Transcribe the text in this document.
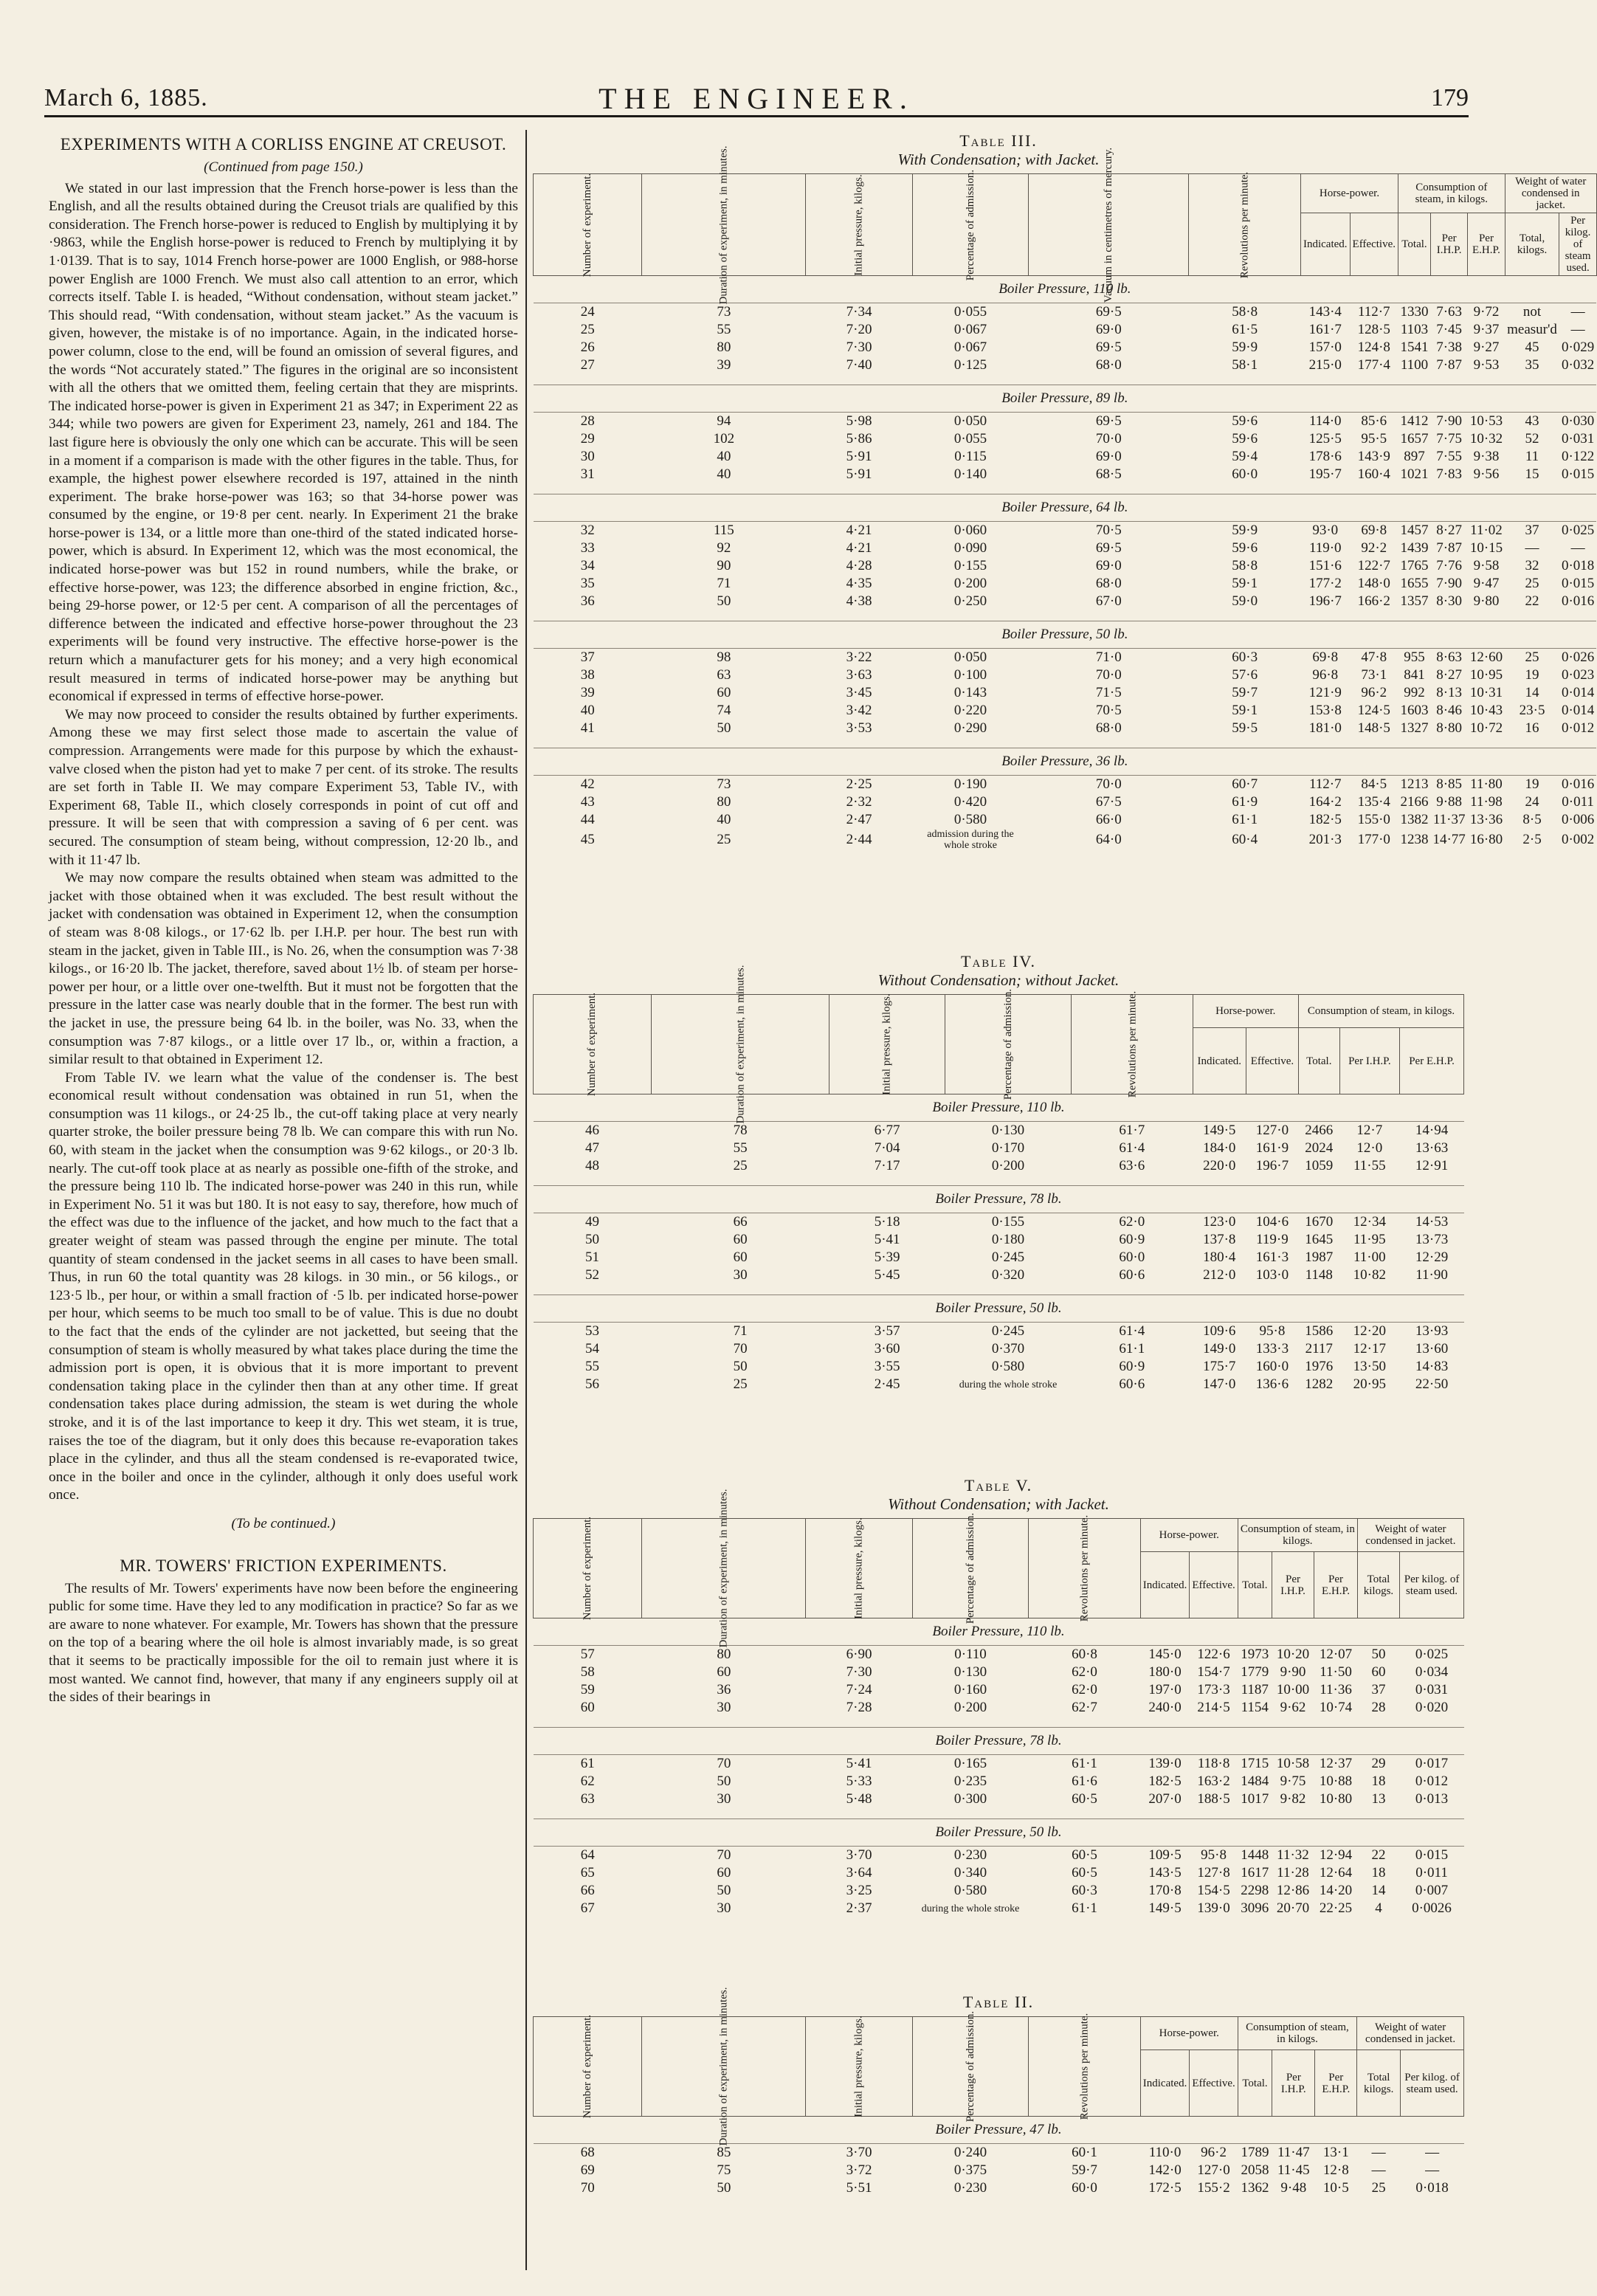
March 6, 1885.	THE ENGINEER.	179
EXPERIMENTS WITH A CORLISS ENGINE AT CREUSOT.
(Continued from page 150.)

We stated in our last impression that the French horse-power is less than the English, and all the results obtained during the Creusot trials are qualified by this consideration. The French horse-power is reduced to English by multiplying it by ·9863, while the English horse-power is reduced to French by multiplying it by 1·0139. That is to say, 1014 French horse-power are 1000 English, or 988-horse power English are 1000 French. We must also call attention to an error, which corrects itself. Table I. is headed, “Without condensation, without steam jacket.” This should read, “With condensation, without steam jacket.” As the vacuum is given, however, the mistake is of no importance. Again, in the indicated horse-power column, close to the end, will be found an omission of several figures, and the words “Not accurately stated.” The figures in the original are so inconsistent with all the others that we omitted them, feeling certain that they are misprints. The indicated horse-power is given in Experiment 21 as 347; in Experiment 22 as 344; while two powers are given for Experiment 23, namely, 261 and 184. The last figure here is obviously the only one which can be accurate. This will be seen in a moment if a comparison is made with the other figures in the table. Thus, for example, the highest power elsewhere recorded is 197, attained in the ninth experiment. The brake horse-power was 163; so that 34-horse power was consumed by the engine, or 19·8 per cent. nearly. In Experiment 21 the brake horse-power is 134, or a little more than one-third of the stated indicated horse-power, which is absurd. In Experiment 12, which was the most economical, the indicated horse-power was but 152 in round numbers, while the brake, or effective horse-power, was 123; the difference absorbed in engine friction, &c., being 29-horse power, or 12·5 per cent. A comparison of all the percentages of difference between the indicated and effective horse-power throughout the 23 experiments will be found very instructive. The effective horse-power is the return which a manufacturer gets for his money; and a very high economical result measured in terms of indicated horse-power may be anything but economical if expressed in terms of effective horse-power.

We may now proceed to consider the results obtained by further experiments. Among these we may first select those made to ascertain the value of compression. Arrangements were made for this purpose by which the exhaust-valve closed when the piston had yet to make 7 per cent. of its stroke. The results are set forth in Table II. We may compare Experiment 53, Table IV., with Experiment 68, Table II., which closely corresponds in point of cut off and pressure. It will be seen that with compression a saving of 6 per cent. was secured. The consumption of steam being, without compression, 12·20 lb., and with it 11·47 lb.

We may now compare the results obtained when steam was admitted to the jacket with those obtained when it was excluded. The best result without the jacket with condensation was obtained in Experiment 12, when the consumption of steam was 8·08 kilogs., or 17·62 lb. per I.H.P. per hour. The best run with steam in the jacket, given in Table III., is No. 26, when the consumption was 7·38 kilogs., or 16·20 lb. The jacket, therefore, saved about 1½ lb. of steam per horse-power per hour, or a little over one-twelfth. But it must not be forgotten that the pressure in the latter case was nearly double that in the former. The best run with the jacket in use, the pressure being 64 lb. in the boiler, was No. 33, when the consumption was 7·87 kilogs., or a little over 17 lb., or, within a fraction, a similar result to that obtained in Experiment 12.

From Table IV. we learn what the value of the condenser is. The best economical result without condensation was obtained in run 51, when the consumption was 11 kilogs., or 24·25 lb., the cut-off taking place at very nearly quarter stroke, the boiler pressure being 78 lb. We can compare this with run No. 60, with steam in the jacket when the consumption was 9·62 kilogs., or 20·3 lb. nearly. The cut-off took place at as nearly as possible one-fifth of the stroke, and the pressure being 110 lb. The indicated horse-power was 240 in this run, while in Experiment No. 51 it was but 180. It is not easy to say, therefore, how much of the effect was due to the influence of the jacket, and how much to the fact that a greater weight of steam was passed through the engine per minute. The total quantity of steam condensed in the jacket seems in all cases to have been small. Thus, in run 60 the total quantity was 28 kilogs. in 30 min., or 56 kilogs., or 123·5 lb., per hour, or within a small fraction of ·5 lb. per indicated horse-power per hour, which seems to be much too small to be of value. This is due no doubt to the fact that the ends of the cylinder are not jacketted, but seeing that the consumption of steam is wholly measured by what takes place during the time the admission port is open, it is obvious that it is more important to prevent condensation taking place in the cylinder then than at any other time. If great condensation takes place during admission, the steam is wet during the whole stroke, and it is of the last importance to keep it dry. This wet steam, it is true, raises the toe of the diagram, but it only does this because re-evaporation takes place in the cylinder, and thus all the steam condensed is re-evaporated twice, once in the boiler and once in the cylinder, although it only does useful work once.

(To be continued.)
MR. TOWERS' FRICTION EXPERIMENTS.

The results of Mr. Towers' experiments have now been before the engineering public for some time. Have they led to any modification in practice? So far as we are aware to none whatever. For example, Mr. Towers has shown that the pressure on the top of a bearing where the oil hole is almost invariably made, is so great that it seems to be practically impossible for the oil to remain just where it is most wanted. We cannot find, however, that many if any engineers supply oil at the sides of their bearings in

Table III.
With Condensation; with Jacket.
Number of experiment.	Duration of experiment, in minutes.	Initial pressure, kilogs.	Percentage of admission.	Vacuum in centimetres of mercury.	Revolutions per minute.	Horse-power.		Consumption of steam, in kilogs.			Weight of water condensed in jacket.	
						Indicated.	Effective.	Total.	Per I.H.P.	Per E.H.P.	Total, kilogs.	Per kilog. of steam used.
Boiler Pressure, 110 lb.												
24	73	7·34	0·055	69·5	58·8	143·4	112·7	1330	7·63	9·72	not	—
25	55	7·20	0·067	69·0	61·5	161·7	128·5	1103	7·45	9·37	measur'd	—
26	80	7·30	0·067	69·5	59·9	157·0	124·8	1541	7·38	9·27	45	0·029
27	39	7·40	0·125	68·0	58·1	215·0	177·4	1100	7·87	9·53	35	0·032

Boiler Pressure, 89 lb.												
28	94	5·98	0·050	69·5	59·6	114·0	85·6	1412	7·90	10·53	43	0·030
29	102	5·86	0·055	70·0	59·6	125·5	95·5	1657	7·75	10·32	52	0·031
30	40	5·91	0·115	69·0	59·4	178·6	143·9	897	7·55	9·38	11	0·122
31	40	5·91	0·140	68·5	60·0	195·7	160·4	1021	7·83	9·56	15	0·015

Boiler Pressure, 64 lb.												
32	115	4·21	0·060	70·5	59·9	93·0	69·8	1457	8·27	11·02	37	0·025
33	92	4·21	0·090	69·5	59·6	119·0	92·2	1439	7·87	10·15	—	—
34	90	4·28	0·155	69·0	58·8	151·6	122·7	1765	7·76	9·58	32	0·018
35	71	4·35	0·200	68·0	59·1	177·2	148·0	1655	7·90	9·47	25	0·015
36	50	4·38	0·250	67·0	59·0	196·7	166·2	1357	8·30	9·80	22	0·016

Boiler Pressure, 50 lb.												
37	98	3·22	0·050	71·0	60·3	69·8	47·8	955	8·63	12·60	25	0·026
38	63	3·63	0·100	70·0	57·6	96·8	73·1	841	8·27	10·95	19	0·023
39	60	3·45	0·143	71·5	59·7	121·9	96·2	992	8·13	10·31	14	0·014
40	74	3·42	0·220	70·5	59·1	153·8	124·5	1603	8·46	10·43	23·5	0·014
41	50	3·53	0·290	68·0	59·5	181·0	148·5	1327	8·80	10·72	16	0·012

Boiler Pressure, 36 lb.												
42	73	2·25	0·190	70·0	60·7	112·7	84·5	1213	8·85	11·80	19	0·016
43	80	2·32	0·420	67·5	61·9	164·2	135·4	2166	9·88	11·98	24	0·011
44	40	2·47	0·580	66·0	61·1	182·5	155·0	1382	11·37	13·36	8·5	0·006
45	25	2·44	admission during the whole stroke	64·0	60·4	201·3	177·0	1238	14·77	16·80	2·5	0·002

Table IV.
Without Condensation; without Jacket.
Number of experiment.	Duration of experiment, in minutes.	Initial pressure, kilogs.	Percentage of admission.	Revolutions per minute.	Horse-power.		Consumption of steam, in kilogs.		
					Indicated.	Effective.	Total.	Per I.H.P.	Per E.H.P.
Boiler Pressure, 110 lb.									
46	78	6·77	0·130	61·7	149·5	127·0	2466	12·7	14·94
47	55	7·04	0·170	61·4	184·0	161·9	2024	12·0	13·63
48	25	7·17	0·200	63·6	220·0	196·7	1059	11·55	12·91

Boiler Pressure, 78 lb.									
49	66	5·18	0·155	62·0	123·0	104·6	1670	12·34	14·53
50	60	5·41	0·180	60·9	137·8	119·9	1645	11·95	13·73
51	60	5·39	0·245	60·0	180·4	161·3	1987	11·00	12·29
52	30	5·45	0·320	60·6	212·0	103·0	1148	10·82	11·90

Boiler Pressure, 50 lb.									
53	71	3·57	0·245	61·4	109·6	95·8	1586	12·20	13·93
54	70	3·60	0·370	61·1	149·0	133·3	2117	12·17	13·60
55	50	3·55	0·580	60·9	175·7	160·0	1976	13·50	14·83
56	25	2·45	during the whole stroke	60·6	147·0	136·6	1282	20·95	22·50

Table V.
Without Condensation; with Jacket.
Number of experiment.	Duration of experiment, in minutes.	Initial pressure, kilogs.	Percentage of admission.	Revolutions per minute.	Horse-power.		Consumption of steam, in kilogs.			Weight of water condensed in jacket.	
					Indicated.	Effective.	Total.	Per I.H.P.	Per E.H.P.	Total kilogs.	Per kilog. of steam used.
Boiler Pressure, 110 lb.											
57	80	6·90	0·110	60·8	145·0	122·6	1973	10·20	12·07	50	0·025
58	60	7·30	0·130	62·0	180·0	154·7	1779	9·90	11·50	60	0·034
59	36	7·24	0·160	62·0	197·0	173·3	1187	10·00	11·36	37	0·031
60	30	7·28	0·200	62·7	240·0	214·5	1154	9·62	10·74	28	0·020

Boiler Pressure, 78 lb.											
61	70	5·41	0·165	61·1	139·0	118·8	1715	10·58	12·37	29	0·017
62	50	5·33	0·235	61·6	182·5	163·2	1484	9·75	10·88	18	0·012
63	30	5·48	0·300	60·5	207·0	188·5	1017	9·82	10·80	13	0·013

Boiler Pressure, 50 lb.											
64	70	3·70	0·230	60·5	109·5	95·8	1448	11·32	12·94	22	0·015
65	60	3·64	0·340	60·5	143·5	127·8	1617	11·28	12·64	18	0·011
66	50	3·25	0·580	60·3	170·8	154·5	2298	12·86	14·20	14	0·007
67	30	2·37	during the whole stroke	61·1	149·5	139·0	3096	20·70	22·25	4	0·0026

Table II.
Number of experiment.	Duration of experiment, in minutes.	Initial pressure, kilogs.	Percentage of admission.	Revolutions per minute.	Horse-power.		Consumption of steam, in kilogs.			Weight of water condensed in jacket.	
					Indicated.	Effective.	Total.	Per I.H.P.	Per E.H.P.	Total kilogs.	Per kilog. of steam used.
Boiler Pressure, 47 lb.											
68	85	3·70	0·240	60·1	110·0	96·2	1789	11·47	13·1	—	—
69	75	3·72	0·375	59·7	142·0	127·0	2058	11·45	12·8	—	—
70	50	5·51	0·230	60·0	172·5	155·2	1362	9·48	10·5	25	0·018
